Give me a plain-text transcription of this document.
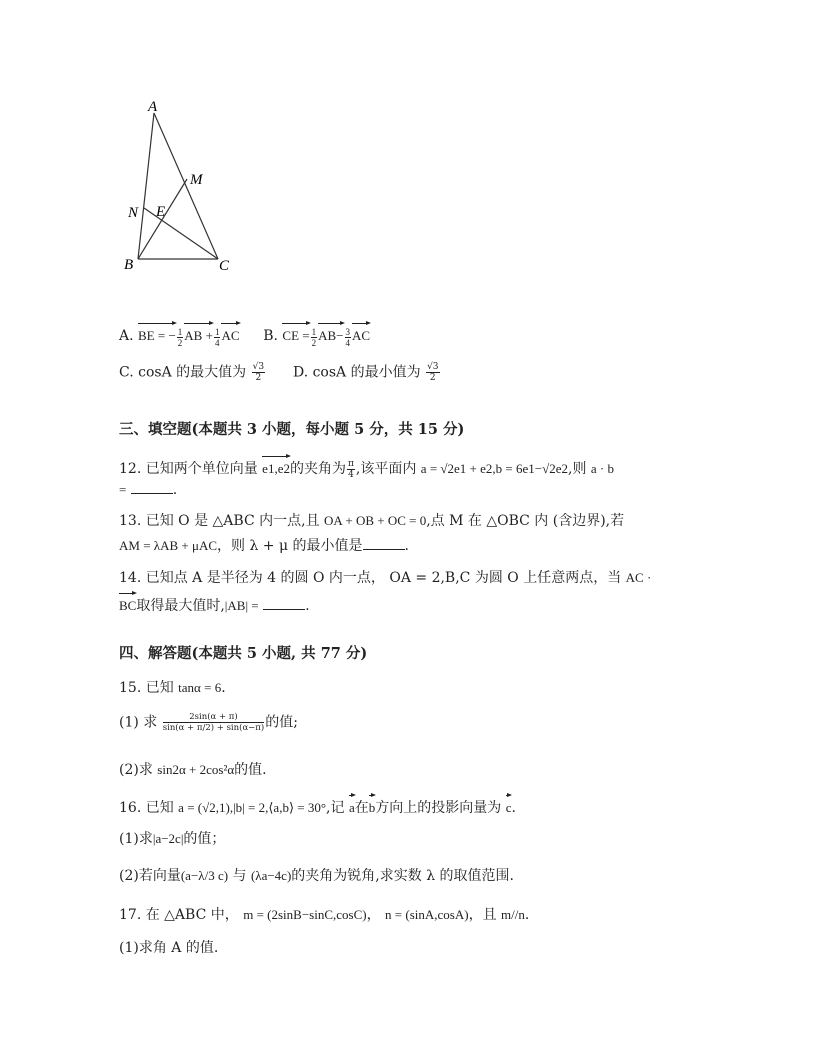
A
M
N E
B	C
A. BE = − $\frac{1}{2}$ AB + $\frac{1}{4}$ AC B. CE = $\frac{1}{2} AB- \frac{3}{4}$ AC
C. cosA 的最大值为 $\frac{√3}{2} D$. cosA 的最小值为 $\frac{√3}{2}$
三、填空题(本题共 3 小题，每小题 5 分，共 15 分)
12. 已知两个单位向量 e1,e2的夹角为 $\frac{\pi}{4}$ ,该平面内 a = √2e1 + e2,b = 6e1−√2e2,则 a · b
=	.
13. 已知 O 是 △ABC 内一点,且 OA + OB + OC = 0,点 M 在 △OBC 内 (含边界),若
AM = λAB + μAC，则 λ + μ 的最小值是	.
14. 已知点 A 是半径为 4 的圆 O 内一点， OA = 2,B,C 为圆 O 上任意两点，当 AC ·
BC取得最大值时,|AB| =	.
四、解答题(本题共 5 小题, 共 77 分)
15. 已知 tanα = 6.
(1) 求 $\frac{2\sin(\alpha + \pi)}{\sin(\alpha + \pi/2) + \sin(\alpha-\pi)}$ 的值;
(2)求 sin2α + 2cos²α的值.
16. 已知 a = (√2,1),|b| = 2,⟨a,b⟩ = 30°,记 a在b方向上的投影向量为 c.
(1)求|a−2c|的值；
(2)若向量(a−λ/3 c) 与 (λa−4c)的夹角为锐角,求实数 λ 的取值范围.
17. 在 △ABC 中， m = (2sinB−sinC,cosC)， n = (sinA,cosA)，且 m//n.
(1)求角 A 的值.
